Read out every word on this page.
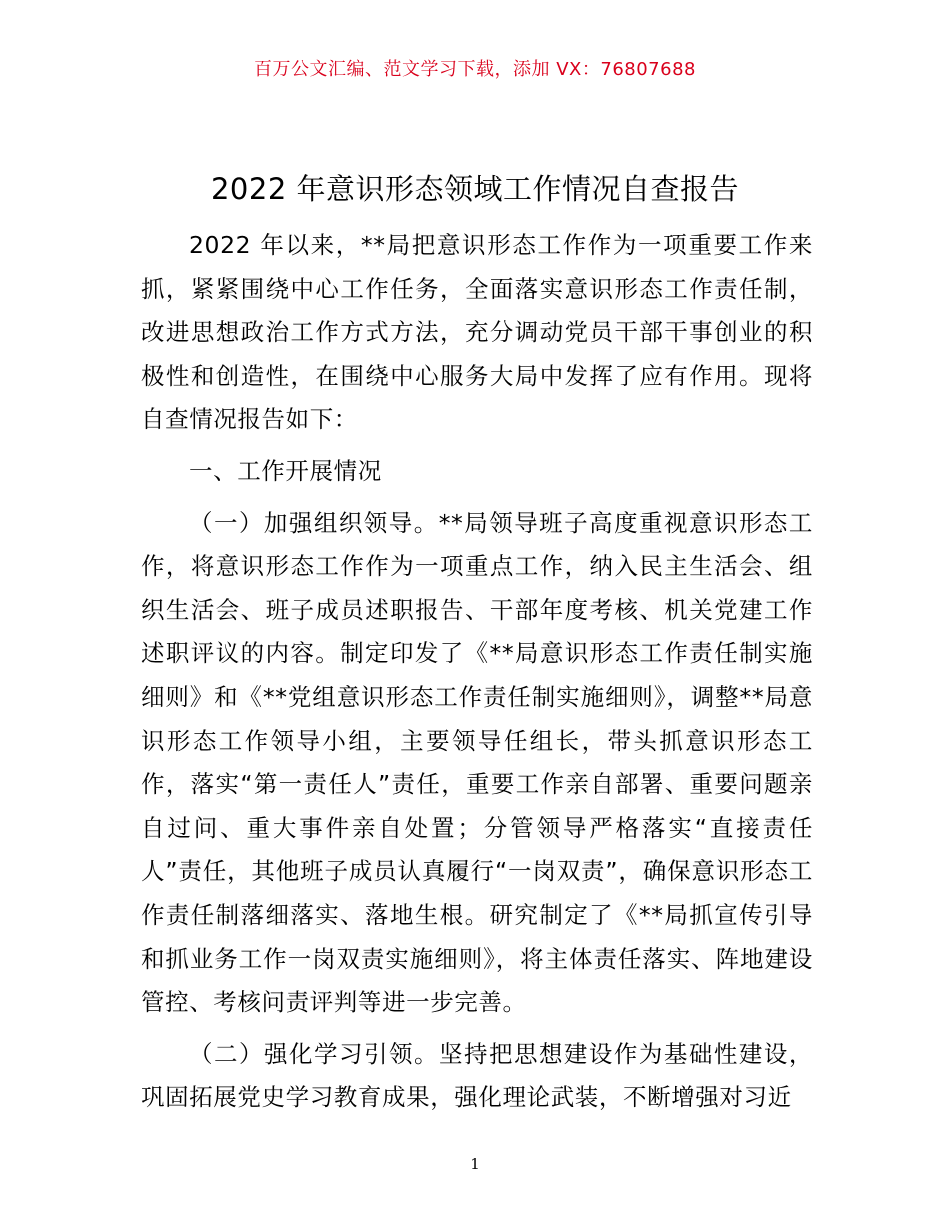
百万公文汇编、范文学习下载，添加 VX：76807688
2022 年意识形态领域工作情况自查报告

2022 年以来，**局把意识形态工作作为一项重要工作来抓，紧紧围绕中心工作任务，全面落实意识形态工作责任制，改进思想政治工作方式方法，充分调动党员干部干事创业的积极性和创造性，在围绕中心服务大局中发挥了应有作用。现将自查情况报告如下：

一、工作开展情况

（一）加强组织领导。**局领导班子高度重视意识形态工作，将意识形态工作作为一项重点工作，纳入民主生活会、组织生活会、班子成员述职报告、干部年度考核、机关党建工作述职评议的内容。制定印发了《**局意识形态工作责任制实施细则》和《**党组意识形态工作责任制实施细则》，调整**局意识形态工作领导小组，主要领导任组长，带头抓意识形态工作，落实“第一责任人”责任，重要工作亲自部署、重要问题亲自过问、重大事件亲自处置；分管领导严格落实“直接责任人”责任，其他班子成员认真履行“一岗双责”，确保意识形态工作责任制落细落实、落地生根。研究制定了《**局抓宣传引导和抓业务工作一岗双责实施细则》，将主体责任落实、阵地建设管控、考核问责评判等进一步完善。

（二）强化学习引领。坚持把思想建设作为基础性建设，巩固拓展党史学习教育成果，强化理论武装，不断增强对习近

1
